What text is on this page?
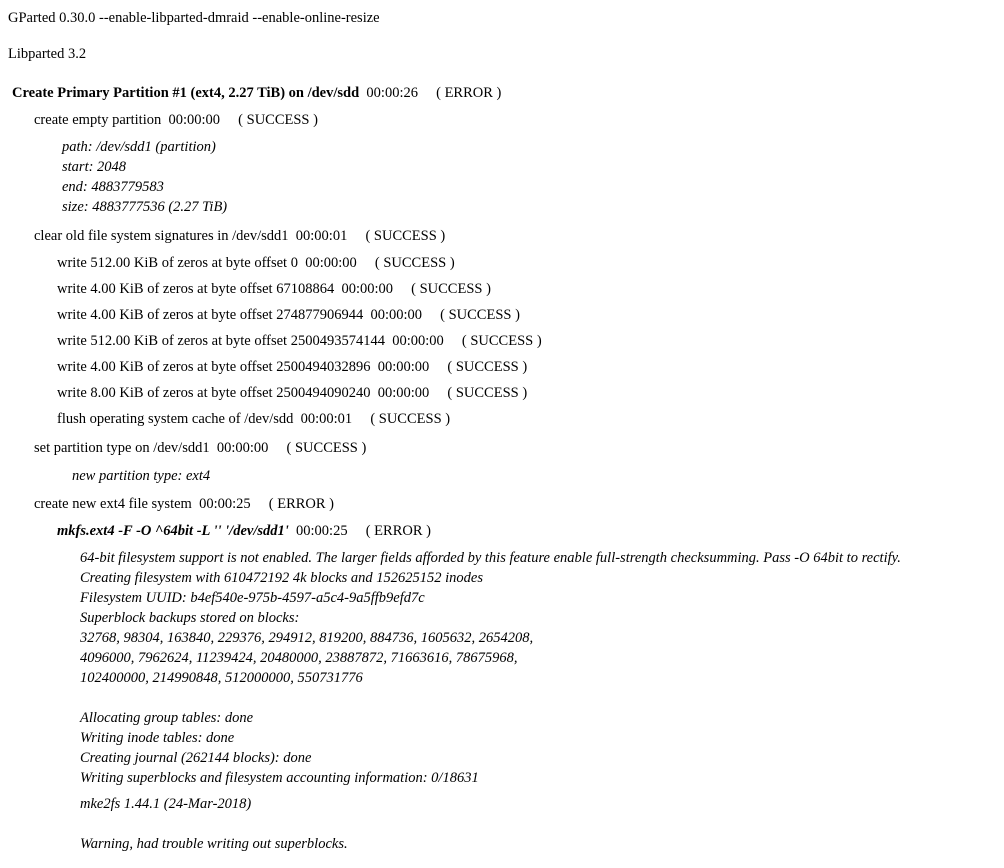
GParted 0.30.0 --enable-libparted-dmraid --enable-online-resize
Libparted 3.2
Create Primary Partition #1 (ext4, 2.27 TiB) on /dev/sdd 00:00:26 ( ERROR )
create empty partition 00:00:00 ( SUCCESS )
path: /dev/sdd1 (partition)
start: 2048
end: 4883779583
size: 4883777536 (2.27 TiB)
clear old file system signatures in /dev/sdd1 00:00:01 ( SUCCESS )
write 512.00 KiB of zeros at byte offset 0 00:00:00 ( SUCCESS )
write 4.00 KiB of zeros at byte offset 67108864 00:00:00 ( SUCCESS )
write 4.00 KiB of zeros at byte offset 274877906944 00:00:00 ( SUCCESS )
write 512.00 KiB of zeros at byte offset 2500493574144 00:00:00 ( SUCCESS )
write 4.00 KiB of zeros at byte offset 2500494032896 00:00:00 ( SUCCESS )
write 8.00 KiB of zeros at byte offset 2500494090240 00:00:00 ( SUCCESS )
flush operating system cache of /dev/sdd 00:00:01 ( SUCCESS )
set partition type on /dev/sdd1 00:00:00 ( SUCCESS )
new partition type: ext4
create new ext4 file system 00:00:25 ( ERROR )
mkfs.ext4 -F -O ^64bit -L '' '/dev/sdd1' 00:00:25 ( ERROR )
64-bit filesystem support is not enabled. The larger fields afforded by this feature enable full-strength checksumming. Pass -O 64bit to rectify.
Creating filesystem with 610472192 4k blocks and 152625152 inodes
Filesystem UUID: b4ef540e-975b-4597-a5c4-9a5ffb9efd7c
Superblock backups stored on blocks:
32768, 98304, 163840, 229376, 294912, 819200, 884736, 1605632, 2654208,
4096000, 7962624, 11239424, 20480000, 23887872, 71663616, 78675968,
102400000, 214990848, 512000000, 550731776
Allocating group tables: done
Writing inode tables: done
Creating journal (262144 blocks): done
Writing superblocks and filesystem accounting information: 0/18631
mke2fs 1.44.1 (24-Mar-2018)
Warning, had trouble writing out superblocks.
